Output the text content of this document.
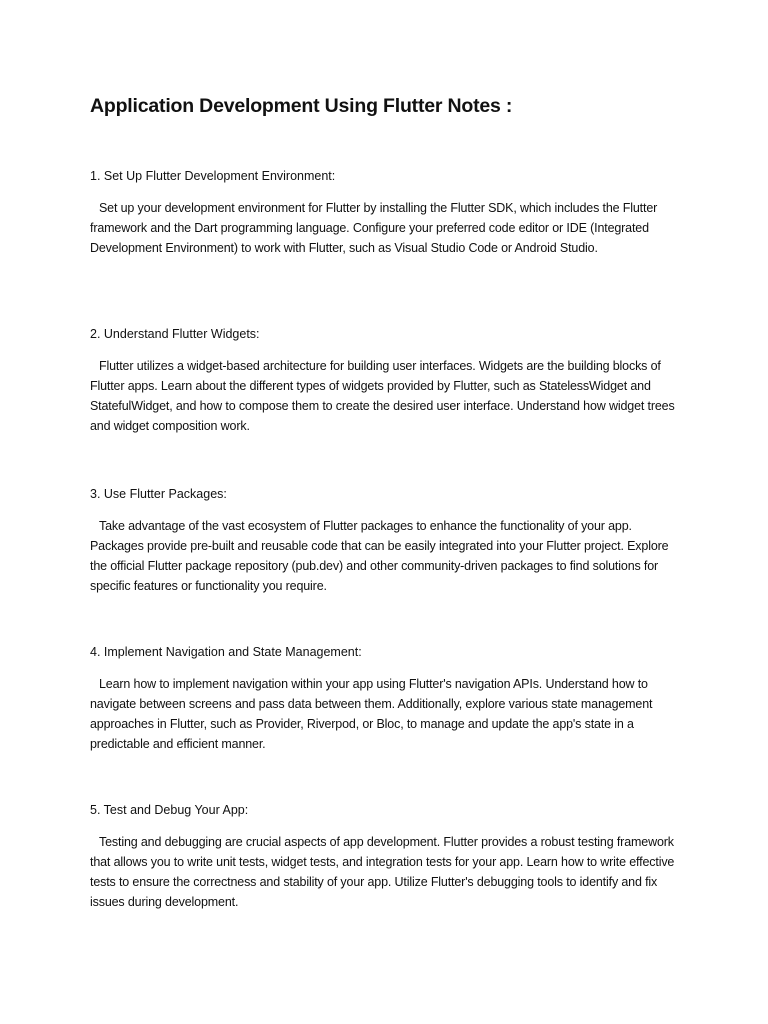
Application Development Using Flutter Notes :

1. Set Up Flutter Development Environment:

Set up your development environment for Flutter by installing the Flutter SDK, which includes the Flutter framework and the Dart programming language. Configure your preferred code editor or IDE (Integrated Development Environment) to work with Flutter, such as Visual Studio Code or Android Studio.

2. Understand Flutter Widgets:

Flutter utilizes a widget-based architecture for building user interfaces. Widgets are the building blocks of Flutter apps. Learn about the different types of widgets provided by Flutter, such as StatelessWidget and StatefulWidget, and how to compose them to create the desired user interface. Understand how widget trees and widget composition work.

3. Use Flutter Packages:

Take advantage of the vast ecosystem of Flutter packages to enhance the functionality of your app. Packages provide pre-built and reusable code that can be easily integrated into your Flutter project. Explore the official Flutter package repository (pub.dev) and other community-driven packages to find solutions for specific features or functionality you require.

4. Implement Navigation and State Management:

Learn how to implement navigation within your app using Flutter's navigation APIs. Understand how to navigate between screens and pass data between them. Additionally, explore various state management approaches in Flutter, such as Provider, Riverpod, or Bloc, to manage and update the app's state in a predictable and efficient manner.

5. Test and Debug Your App:

Testing and debugging are crucial aspects of app development. Flutter provides a robust testing framework that allows you to write unit tests, widget tests, and integration tests for your app. Learn how to write effective tests to ensure the correctness and stability of your app. Utilize Flutter's debugging tools to identify and fix issues during development.
